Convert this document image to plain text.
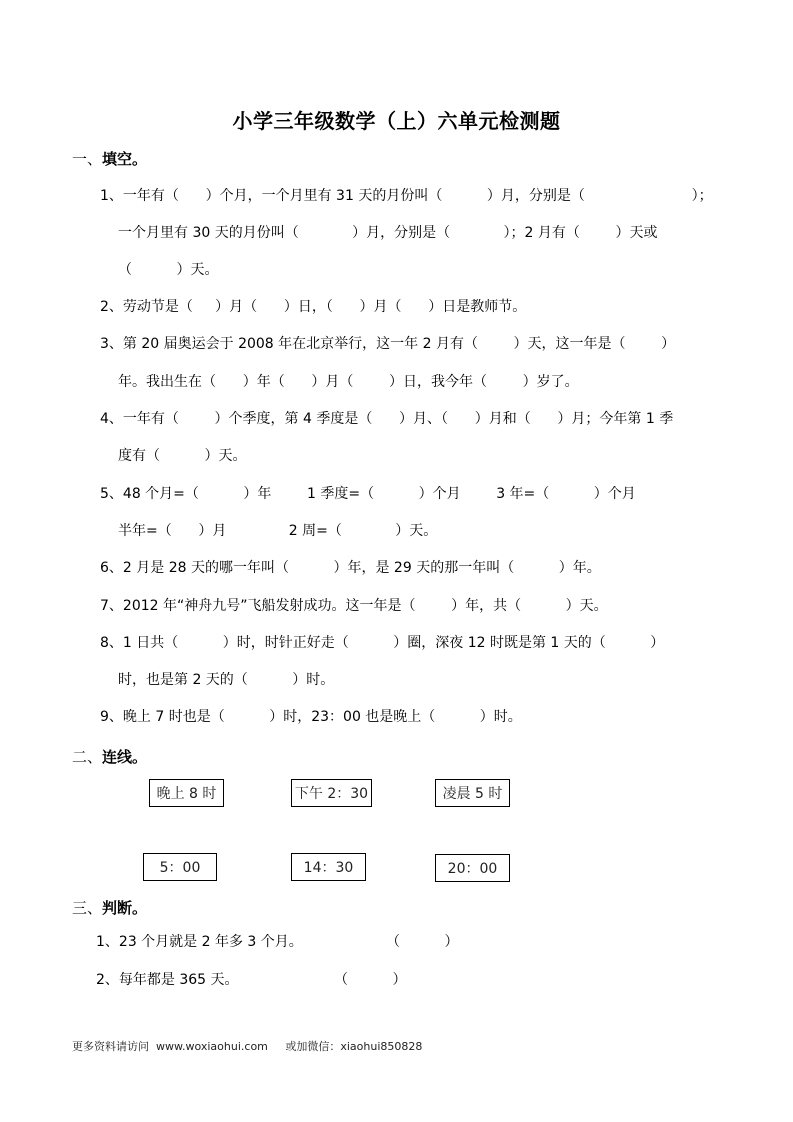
小学三年级数学（上）六单元检测题
一、填空。
1、一年有（      ）个月，一个月里有 31 天的月份叫（          ）月，分别是（                        ）；
一个月里有 30 天的月份叫（            ）月，分别是（            ）；2 月有（        ）天或
（          ）天。
2、劳动节是（     ）月（      ）日，（      ）月（      ）日是教师节。
3、第 20 届奥运会于 2008 年在北京举行，这一年 2 月有（        ）天，这一年是（        ）
年。我出生在（      ）年（      ）月（        ）日，我今年（        ）岁了。
4、一年有（        ）个季度，第 4 季度是（      ）月、（      ）月和（      ）月；今年第 1 季
度有（          ）天。
5、48 个月=（          ）年        1 季度=（          ）个月        3 年=（          ）个月
半年=（      ）月              2 周=（            ）天。
6、2 月是 28 天的哪一年叫（          ）年，是 29 天的那一年叫（          ）年。
7、2012 年“神舟九号”飞船发射成功。这一年是（        ）年，共（          ）天。
8、1 日共（          ）时，时针正好走（          ）圈，深夜 12 时既是第 1 天的（          ）
时，也是第 2 天的（          ）时。
9、晚上 7 时也是（          ）时，23：00 也是晚上（          ）时。
二、连线。
晚上 8 时	下午 2：30	凌晨 5 时
5：00	14：30	20：00
三、判断。
1、23 个月就是 2 年多 3 个月。	（          ）
2、每年都是 365 天。	（          ）
更多资料请访问  www.woxiaohui.com     或加微信：xiaohui850828
